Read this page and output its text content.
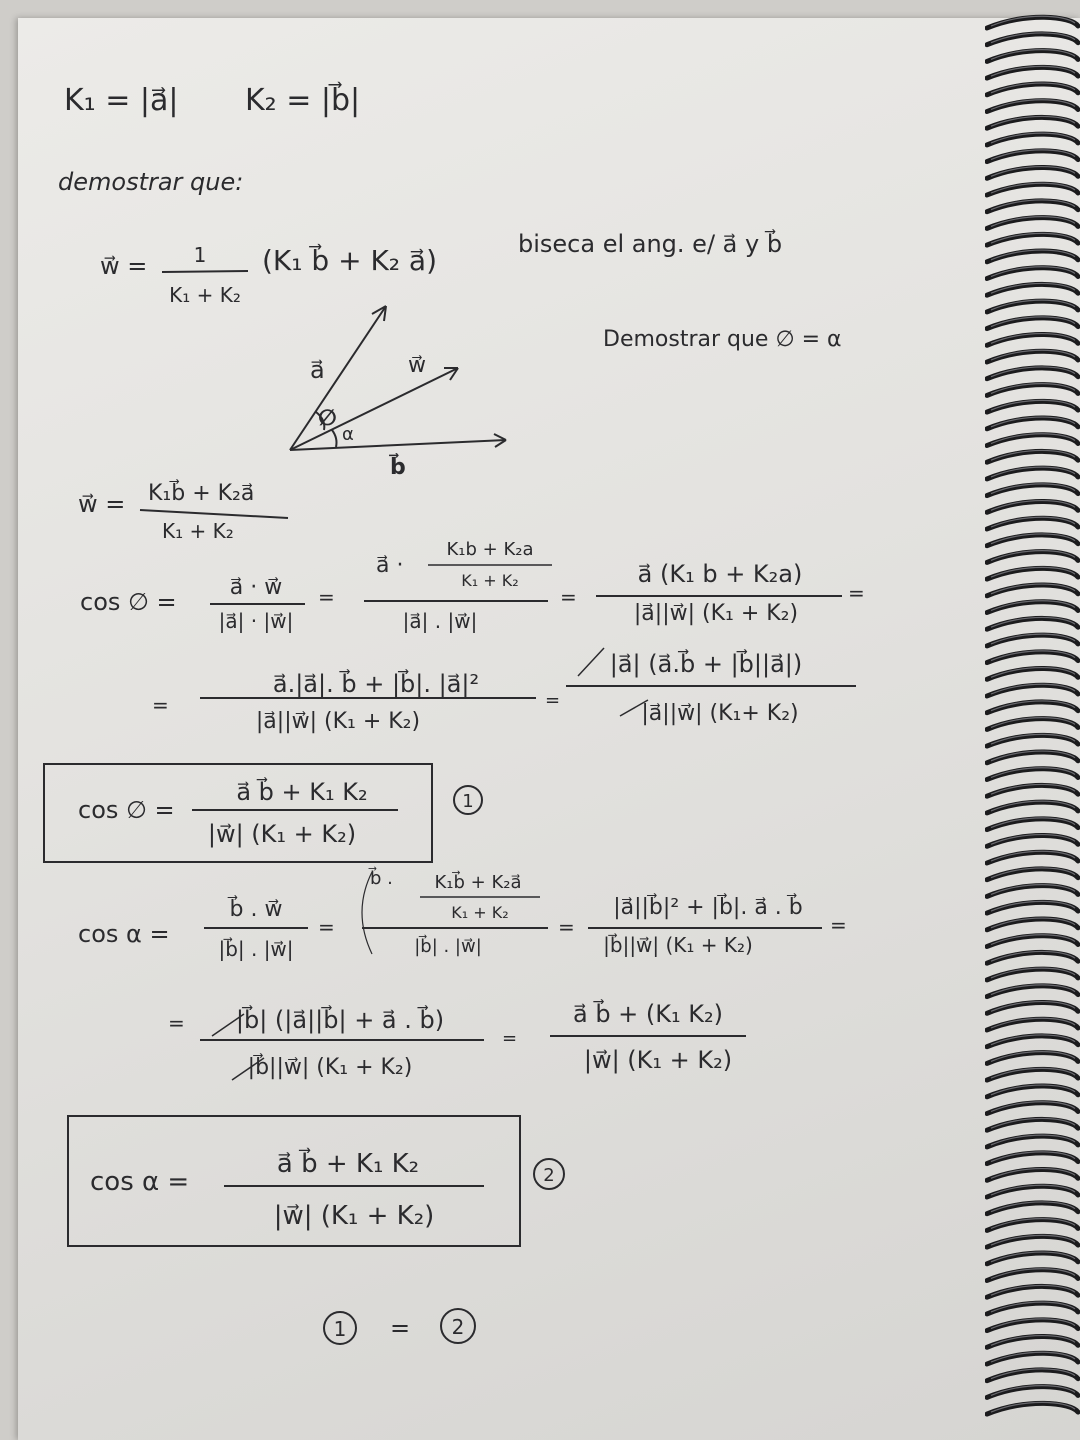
K₁ = |a⃗| K₂ = |b⃗|
demostrar que:
w⃗ = 1
K₁ + K₂
(K₁ b⃗ + K₂ a⃗)	biseca el ang. e/ a⃗ y b⃗
a⃗	w⃗
∅
α
b⃗
Demostrar que ∅ = α
w⃗ = K₁b⃗ + K₂a⃗
K₁ + K₂
cos ∅ =
a⃗ · w⃗
|a⃗| · |w⃗|
=
a⃗ ·
K₁b + K₂a
K₁ + K₂
|a⃗| . |w⃗|
=
a⃗ (K₁ b + K₂a)
|a⃗||w⃗| (K₁ + K₂)
=
=
a⃗.|a⃗|. b⃗ + |b⃗|. |a⃗|²
|a⃗||w⃗| (K₁ + K₂)
=
|a⃗| (a⃗.b⃗ + |b⃗||a⃗|)
|a⃗||w⃗| (K₁+ K₂)
cos ∅ =
a⃗ b⃗ + K₁ K₂
|w⃗| (K₁ + K₂)
1
cos α =
b⃗ . w⃗
|b⃗| . |w⃗|
=
b⃗ . K₁b⃗ + K₂a⃗
K₁ + K₂
|b⃗| . |w⃗|
=
|a⃗||b⃗|² + |b⃗|. a⃗ . b⃗
|b⃗||w⃗| (K₁ + K₂)
=
= |b⃗| (|a⃗||b⃗| + a⃗ . b⃗)
|b⃗||w⃗| (K₁ + K₂)
=
a⃗ b⃗ + (K₁ K₂)
|w⃗| (K₁ + K₂)
cos α =
a⃗ b⃗ + K₁ K₂
|w⃗| (K₁ + K₂)
2
1 = 2
